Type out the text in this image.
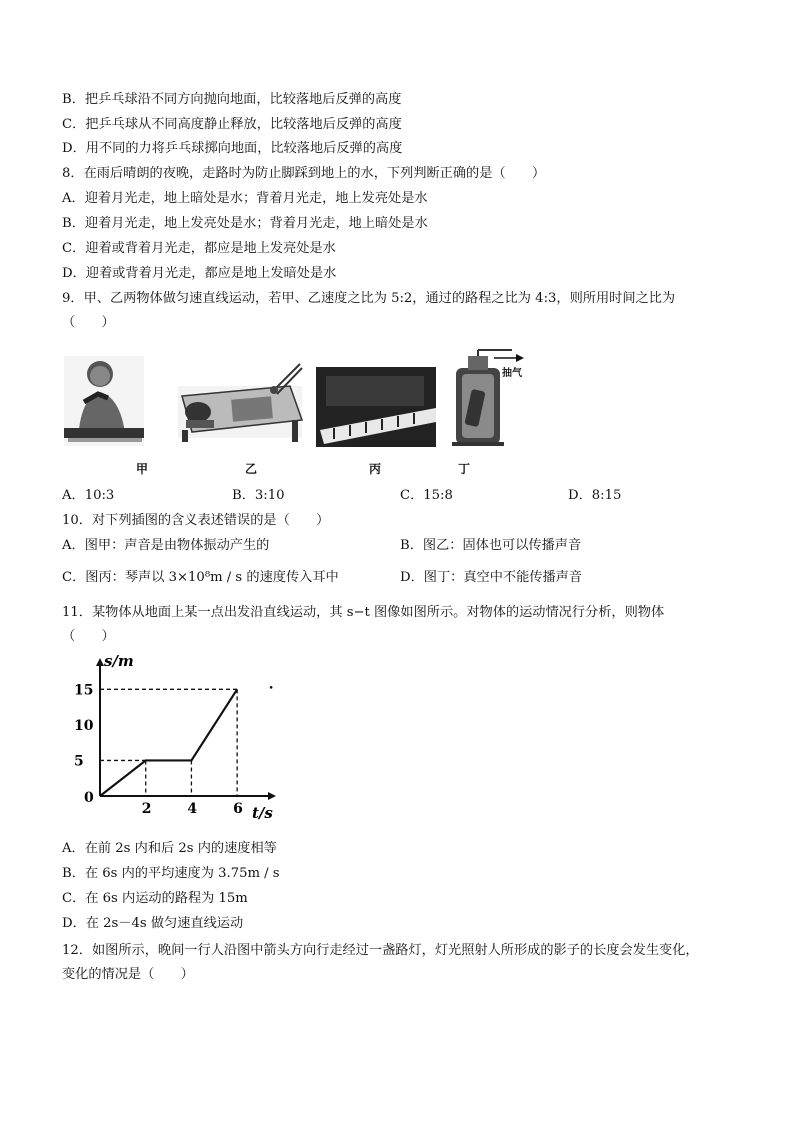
B．把乒乓球沿不同方向抛向地面，比较落地后反弹的高度
C．把乒乓球从不同高度静止释放，比较落地后反弹的高度
D．用不同的力将乒乓球掷向地面，比较落地后反弹的高度
8．在雨后晴朗的夜晚，走路时为防止脚踩到地上的水，下列判断正确的是（　　）
A．迎着月光走，地上暗处是水；背着月光走，地上发亮处是水
B．迎着月光走，地上发亮处是水；背着月光走，地上暗处是水
C．迎着或背着月光走，都应是地上发亮处是水
D．迎着或背着月光走，都应是地上发暗处是水
9．甲、乙两物体做匀速直线运动，若甲、乙速度之比为 5:2，通过的路程之比为 4:3，则所用时间之比为
（　　）
甲	乙	丙	丁
抽气
A．10:3	B．3:10	C．15:8	D．8:15
10．对下列插图的含义表述错误的是（　　）
A．图甲：声音是由物体振动产生的	B．图乙：固体也可以传播声音
C．图丙：琴声以 3×10⁸m / s 的速度传入耳中	D．图丁：真空中不能传播声音
11．某物体从地面上某一点出发沿直线运动，其 s−t 图像如图所示。对物体的运动情况行分析，则物体
（　　）
s/m
t/s
0
2	4	6
5
10
15
A．在前 2s 内和后 2s 内的速度相等
B．在 6s 内的平均速度为 3.75m / s
C．在 6s 内运动的路程为 15m
D．在 2s－4s 做匀速直线运动
12．如图所示，晚间一行人沿图中箭头方向行走经过一盏路灯，灯光照射人所形成的影子的长度会发生变化，
变化的情况是（　　）
